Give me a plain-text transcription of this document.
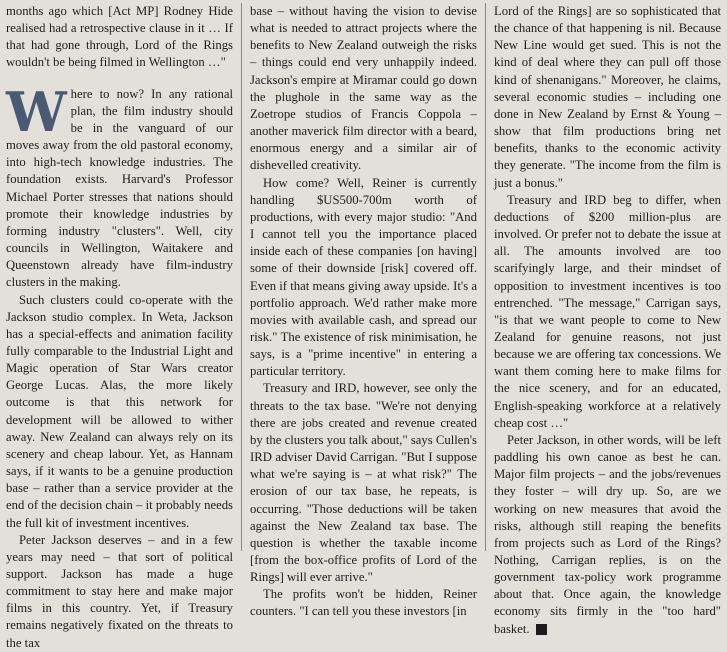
months ago which [Act MP] Rodney Hide realised had a retrospective clause in it … If that had gone through, Lord of the Rings wouldn't be being filmed in Wellington …"

Where to now? In any rational plan, the film industry should be in the vanguard of our moves away from the old pastoral economy, into high-tech knowledge industries. The foundation exists. Harvard's Professor Michael Porter stresses that nations should promote their knowledge industries by forming industry "clusters". Well, city councils in Wellington, Waitakere and Queenstown already have film-industry clusters in the making.

Such clusters could co-operate with the Jackson studio complex. In Weta, Jackson has a special-effects and animation facility fully comparable to the Industrial Light and Magic operation of Star Wars creator George Lucas. Alas, the more likely outcome is that this network for development will be allowed to wither away. New Zealand can always rely on its scenery and cheap labour. Yet, as Hannam says, if it wants to be a genuine production base – rather than a service provider at the end of the decision chain – it probably needs the full kit of investment incentives.

Peter Jackson deserves – and in a few years may need – that sort of political support. Jackson has made a huge commitment to stay here and make major films in this country. Yet, if Treasury remains negatively fixated on the threats to the tax

base – without having the vision to devise what is needed to attract projects where the benefits to New Zealand outweigh the risks – things could end very unhappily indeed. Jackson's empire at Miramar could go down the plughole in the same way as the Zoetrope studios of Francis Coppola – another maverick film director with a beard, enormous energy and a similar air of dishevelled creativity.

How come? Well, Reiner is currently handling $US500-700m worth of productions, with every major studio: "And I cannot tell you the importance placed inside each of these companies [on having] some of their downside [risk] covered off. Even if that means giving away upside. It's a portfolio approach. We'd rather make more movies with available cash, and spread our risk." The existence of risk minimisation, he says, is a "prime incentive" in entering a particular territory.

Treasury and IRD, however, see only the threats to the tax base. "We're not denying there are jobs created and revenue created by the clusters you talk about," says Cullen's IRD adviser David Carrigan. "But I suppose what we're saying is – at what risk?" The erosion of our tax base, he repeats, is occurring. "Those deductions will be taken against the New Zealand tax base. The question is whether the taxable income [from the box-office profits of Lord of the Rings] will ever arrive."

The profits won't be hidden, Reiner counters. "I can tell you these investors [in

Lord of the Rings] are so sophisticated that the chance of that happening is nil. Because New Line would get sued. This is not the kind of deal where they can pull off those kind of shenanigans." Moreover, he claims, several economic studies – including one done in New Zealand by Ernst & Young – show that film productions bring net benefits, thanks to the economic activity they generate. "The income from the film is just a bonus."

Treasury and IRD beg to differ, when deductions of $200 million-plus are involved. Or prefer not to debate the issue at all. The amounts involved are too scarifyingly large, and their mindset of opposition to investment incentives is too entrenched. "The message," Carrigan says, "is that we want people to come to New Zealand for genuine reasons, not just because we are offering tax concessions. We want them coming here to make films for the nice scenery, and for an educated, English-speaking workforce at a relatively cheap cost …"

Peter Jackson, in other words, will be left paddling his own canoe as best he can. Major film projects – and the jobs/revenues they foster – will dry up. So, are we working on new measures that avoid the risks, although still reaping the benefits from projects such as Lord of the Rings? Nothing, Carrigan replies, is on the government tax-policy work programme about that. Once again, the knowledge economy sits firmly in the "too hard" basket.
